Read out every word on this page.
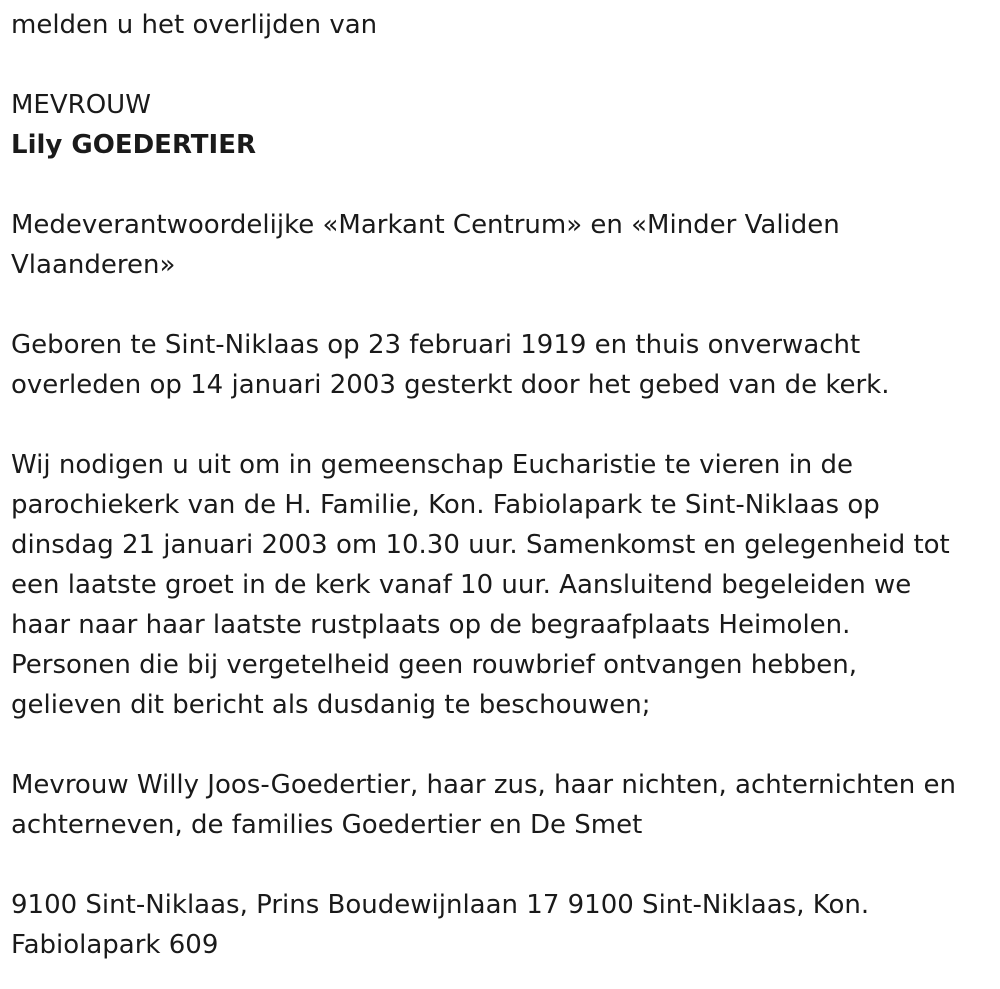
melden u het overlijden van
MEVROUW
Lily GOEDERTIER
Medeverantwoordelijke «Markant Centrum» en «Minder Validen
Vlaanderen»
Geboren te Sint-Niklaas op 23 februari 1919 en thuis onverwacht
overleden op 14 januari 2003 gesterkt door het gebed van de kerk.
Wij nodigen u uit om in gemeenschap Eucharistie te vieren in de
parochiekerk van de H. Familie, Kon. Fabiolapark te Sint-Niklaas op
dinsdag 21 januari 2003 om 10.30 uur. Samenkomst en gelegenheid tot
een laatste groet in de kerk vanaf 10 uur. Aansluitend begeleiden we
haar naar haar laatste rustplaats op de begraafplaats Heimolen.
Personen die bij vergetelheid geen rouwbrief ontvangen hebben,
gelieven dit bericht als dusdanig te beschouwen;
Mevrouw Willy Joos-Goedertier, haar zus, haar nichten, achternichten en
achterneven, de families Goedertier en De Smet
9100 Sint-Niklaas, Prins Boudewijnlaan 17 9100 Sint-Niklaas, Kon.
Fabiolapark 609
